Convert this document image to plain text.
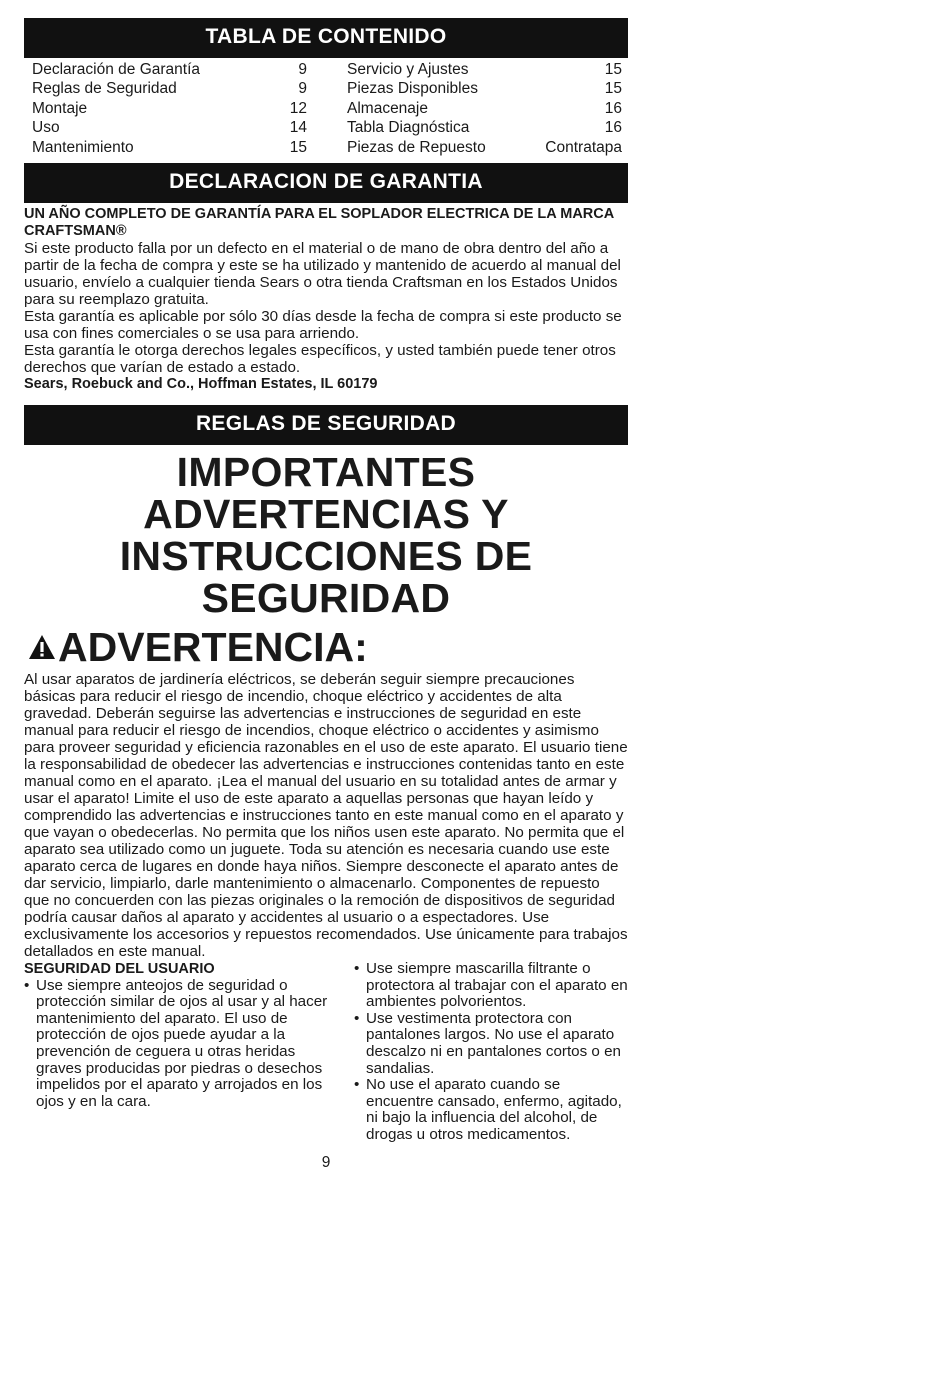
TABLA DE CONTENIDO
Declaración de Garantía	9
Reglas de Seguridad	9
Montaje	12
Uso	14
Mantenimiento	15
Servicio y Ajustes	15
Piezas Disponibles	15
Almacenaje	16
Tabla Diagnóstica	16
Piezas de Repuesto	Contratapa
DECLARACION DE GARANTIA
UN AÑO COMPLETO DE GARANTÍA PARA EL SOPLADOR ELECTRICA DE LA MARCA CRAFTSMAN®

Si este producto falla por un defecto en el material o de mano de obra dentro del año a partir de la fecha de compra y este se ha utilizado y mantenido de acuerdo al manual del usuario, envíelo a cualquier tienda Sears o otra tienda Craftsman en los Estados Unidos para su reemplazo gratuita.

Esta garantía es aplicable por sólo 30 días desde la fecha de compra si este producto se usa con fines comerciales o se usa para arriendo.

Esta garantía le otorga derechos legales específicos, y usted también puede tener otros derechos que varían de estado a estado.

Sears, Roebuck and Co., Hoffman Estates, IL 60179
REGLAS DE SEGURIDAD
IMPORTANTES ADVERTENCIAS Y
INSTRUCCIONES DE SEGURIDAD
ADVERTENCIA:

Al usar aparatos de jardinería eléctricos, se deberán seguir siempre precauciones básicas para reducir el riesgo de incendio, choque eléctrico y accidentes de alta gravedad. Deberán seguirse las advertencias e instrucciones de seguridad en este manual para reducir el riesgo de incendios, choque eléctrico o accidentes y asimismo para proveer seguridad y eficiencia razonables en el uso de este aparato. El usuario tiene la responsabilidad de obedecer las advertencias e instrucciones contenidas tanto en este manual como en el aparato. ¡Lea el manual del usuario en su totalidad antes de armar y usar el aparato! Limite el uso de este aparato a aquellas personas que hayan leído y comprendido las advertencias e instrucciones tanto en este manual como en el aparato y que vayan o obedecerlas. No permita que los niños usen este aparato. No permita que el aparato sea utilizado como un juguete. Toda su atención es necesaria cuando use este aparato cerca de lugares en donde haya niños. Siempre desconecte el aparato antes de dar servicio, limpiarlo, darle mantenimiento o almacenarlo. Componentes de repuesto que no concuerden con las piezas originales o la remoción de dispositivos de seguridad podría causar daños al aparato y accidentes al usuario o a espectadores. Use exclusivamente los accesorios y repuestos recomendados. Use únicamente para trabajos detallados en este manual.

SEGURIDAD DEL USUARIO
• Use siempre anteojos de seguridad o protección similar de ojos al usar y al hacer mantenimiento del aparato. El uso de protección de ojos puede ayudar a la prevención de ceguera u otras heridas graves producidas por piedras o desechos impelidos por el aparato y arrojados en los ojos y en la cara.
• Use siempre mascarilla filtrante o protectora al trabajar con el aparato en ambientes polvorientos.
• Use vestimenta protectora con pantalones largos. No use el aparato descalzo ni en pantalones cortos o en sandalias.
• No use el aparato cuando se encuentre cansado, enfermo, agitado, ni bajo la influencia del alcohol, de drogas u otros medicamentos.
9
